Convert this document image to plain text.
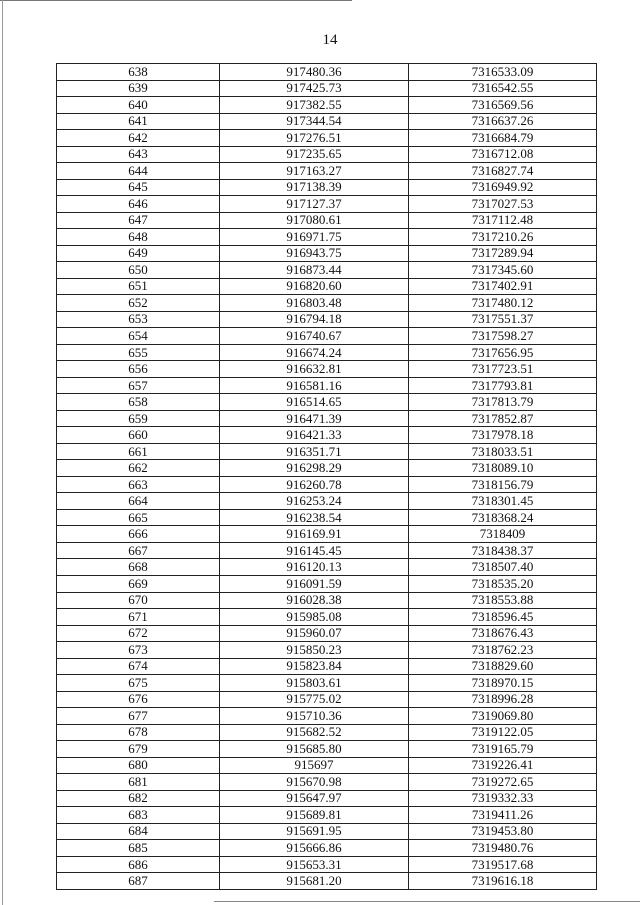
14
638	917480.36	7316533.09
639	917425.73	7316542.55
640	917382.55	7316569.56
641	917344.54	7316637.26
642	917276.51	7316684.79
643	917235.65	7316712.08
644	917163.27	7316827.74
645	917138.39	7316949.92
646	917127.37	7317027.53
647	917080.61	7317112.48
648	916971.75	7317210.26
649	916943.75	7317289.94
650	916873.44	7317345.60
651	916820.60	7317402.91
652	916803.48	7317480.12
653	916794.18	7317551.37
654	916740.67	7317598.27
655	916674.24	7317656.95
656	916632.81	7317723.51
657	916581.16	7317793.81
658	916514.65	7317813.79
659	916471.39	7317852.87
660	916421.33	7317978.18
661	916351.71	7318033.51
662	916298.29	7318089.10
663	916260.78	7318156.79
664	916253.24	7318301.45
665	916238.54	7318368.24
666	916169.91	7318409
667	916145.45	7318438.37
668	916120.13	7318507.40
669	916091.59	7318535.20
670	916028.38	7318553.88
671	915985.08	7318596.45
672	915960.07	7318676.43
673	915850.23	7318762.23
674	915823.84	7318829.60
675	915803.61	7318970.15
676	915775.02	7318996.28
677	915710.36	7319069.80
678	915682.52	7319122.05
679	915685.80	7319165.79
680	915697	7319226.41
681	915670.98	7319272.65
682	915647.97	7319332.33
683	915689.81	7319411.26
684	915691.95	7319453.80
685	915666.86	7319480.76
686	915653.31	7319517.68
687	915681.20	7319616.18
